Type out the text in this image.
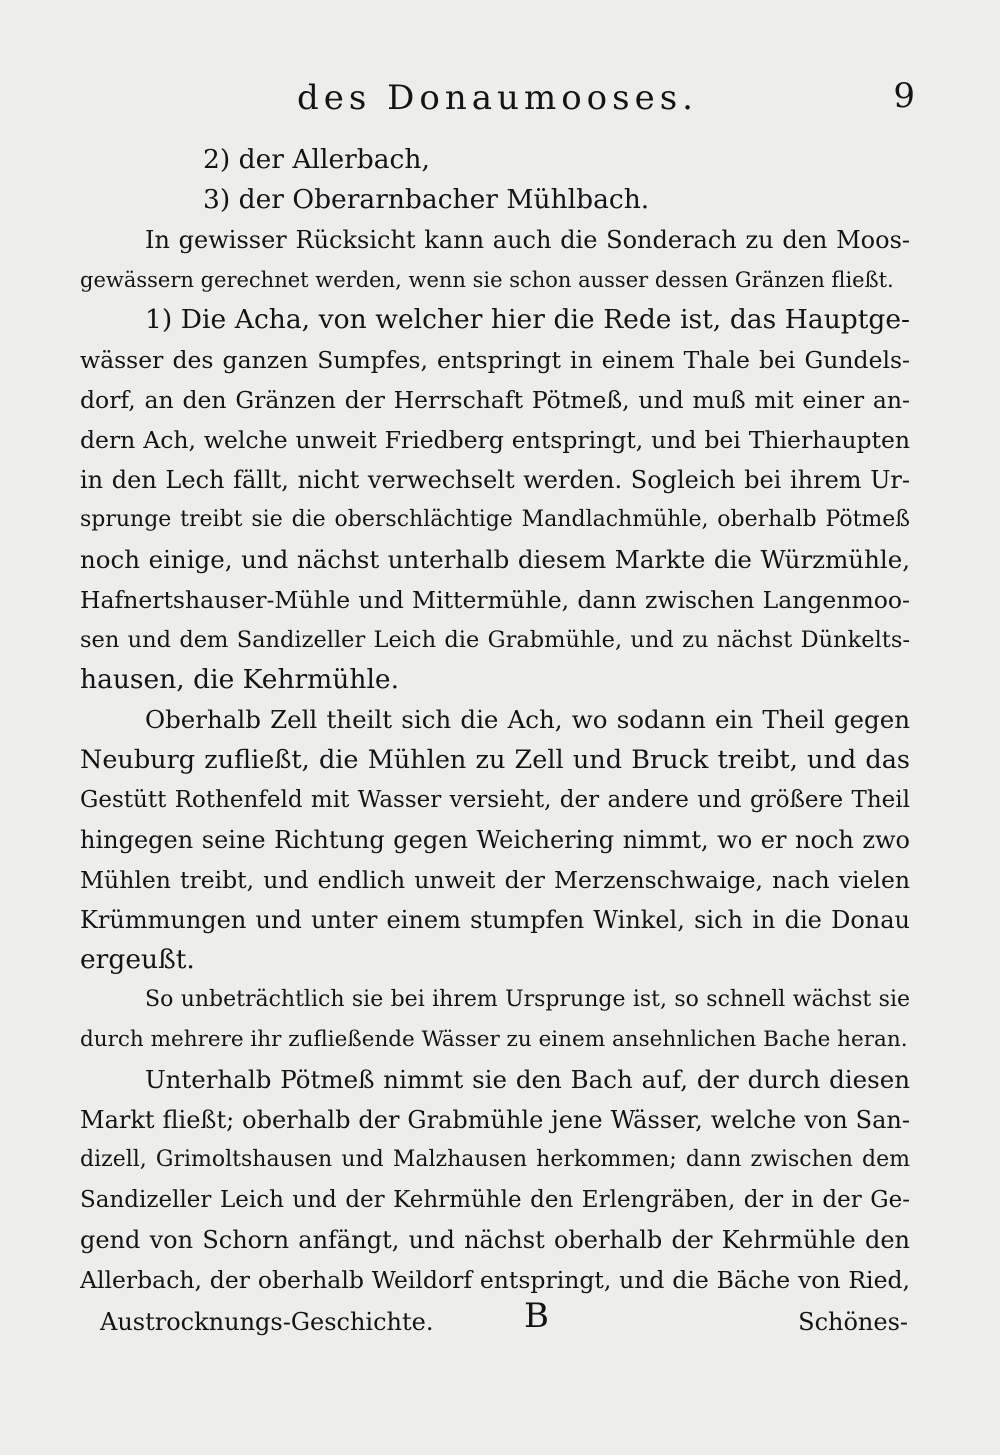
des Donaumooses.	9
2) der Allerbach,
3) der Oberarnbacher Mühlbach.
In gewisser Rücksicht kann auch die Sonderach zu den Moos-
gewässern gerechnet werden, wenn sie schon ausser dessen Gränzen fließt.
1) Die Acha, von welcher hier die Rede ist, das Hauptge-
wässer des ganzen Sumpfes, entspringt in einem Thale bei Gundels-
dorf, an den Gränzen der Herrschaft Pötmeß, und muß mit einer an-
dern Ach, welche unweit Friedberg entspringt, und bei Thierhaupten
in den Lech fällt, nicht verwechselt werden. Sogleich bei ihrem Ur-
sprunge treibt sie die oberschlächtige Mandlachmühle, oberhalb Pötmeß
noch einige, und nächst unterhalb diesem Markte die Würzmühle,
Hafnertshauser-Mühle und Mittermühle, dann zwischen Langenmoo-
sen und dem Sandizeller Leich die Grabmühle, und zu nächst Dünkelts-
hausen, die Kehrmühle.
Oberhalb Zell theilt sich die Ach, wo sodann ein Theil gegen
Neuburg zufließt, die Mühlen zu Zell und Bruck treibt, und das
Gestütt Rothenfeld mit Wasser versieht, der andere und größere Theil
hingegen seine Richtung gegen Weichering nimmt, wo er noch zwo
Mühlen treibt, und endlich unweit der Merzenschwaige, nach vielen
Krümmungen und unter einem stumpfen Winkel, sich in die Donau
ergeußt.
So unbeträchtlich sie bei ihrem Ursprunge ist, so schnell wächst sie
durch mehrere ihr zufließende Wässer zu einem ansehnlichen Bache heran.
Unterhalb Pötmeß nimmt sie den Bach auf, der durch diesen
Markt fließt; oberhalb der Grabmühle jene Wässer, welche von San-
dizell, Grimoltshausen und Malzhausen herkommen; dann zwischen dem
Sandizeller Leich und der Kehrmühle den Erlengräben, der in der Ge-
gend von Schorn anfängt, und nächst oberhalb der Kehrmühle den
Allerbach, der oberhalb Weildorf entspringt, und die Bäche von Ried,
Austrocknungs-Geschichte.	B	Schönes-
